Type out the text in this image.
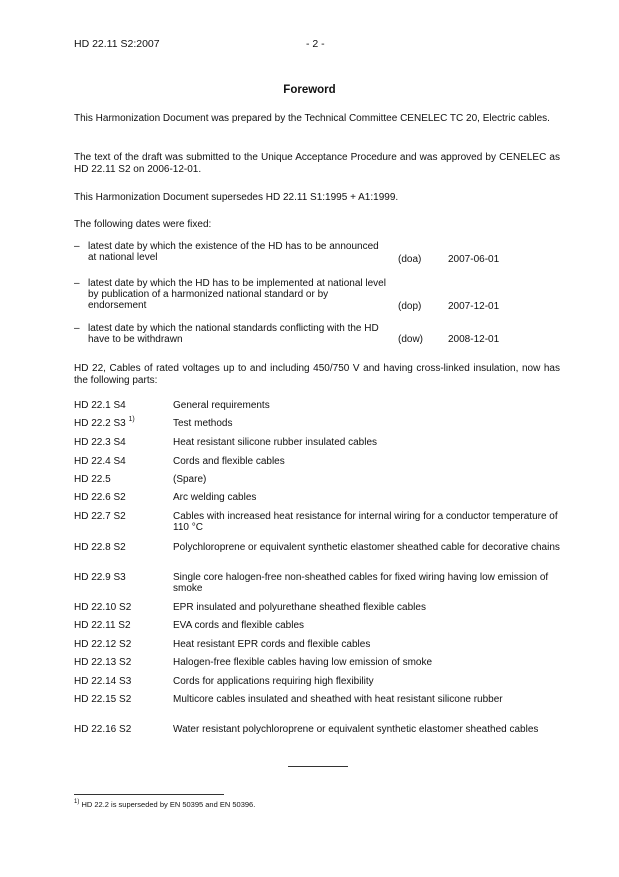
HD 22.11 S2:2007	- 2 -
Foreword
This Harmonization Document was prepared by the Technical Committee CENELEC TC 20, Electric cables.
The text of the draft was submitted to the Unique Acceptance Procedure and was approved by CENELEC as HD 22.11 S2 on 2006-12-01.
This Harmonization Document supersedes HD 22.11 S1:1995 + A1:1999.
The following dates were fixed:
– latest date by which the existence of the HD has to be announced at national level	(doa)	2007-06-01
– latest date by which the HD has to be implemented at national level by publication of a harmonized national standard or by endorsement	(dop)	2007-12-01
– latest date by which the national standards conflicting with the HD have to be withdrawn	(dow) 2008-12-01
HD 22, Cables of rated voltages up to and including 450/750 V and having cross-linked insulation, now has the following parts:
HD 22.1 S4	General requirements
HD 22.2 S3 $^{1)}$	Test methods
HD 22.3 S4	Heat resistant silicone rubber insulated cables
HD 22.4 S4	Cords and flexible cables
HD 22.5	(Spare)
HD 22.6 S2	Arc welding cables
HD 22.7 S2	Cables with increased heat resistance for internal wiring for a conductor temperature of 110 °C
HD 22.8 S2	Polychloroprene or equivalent synthetic elastomer sheathed cable for decorative chains
HD 22.9 S3	Single core halogen-free non-sheathed cables for fixed wiring having low emission of smoke
HD 22.10 S2	EPR insulated and polyurethane sheathed flexible cables
HD 22.11 S2	EVA cords and flexible cables
HD 22.12 S2	Heat resistant EPR cords and flexible cables
HD 22.13 S2	Halogen-free flexible cables having low emission of smoke
HD 22.14 S3	Cords for applications requiring high flexibility
HD 22.15 S2	Multicore cables insulated and sheathed with heat resistant silicone rubber
HD 22.16 S2	Water resistant polychloroprene or equivalent synthetic elastomer sheathed cables
$^{1)}$ HD 22.2 is superseded by EN 50395 and EN 50396.
